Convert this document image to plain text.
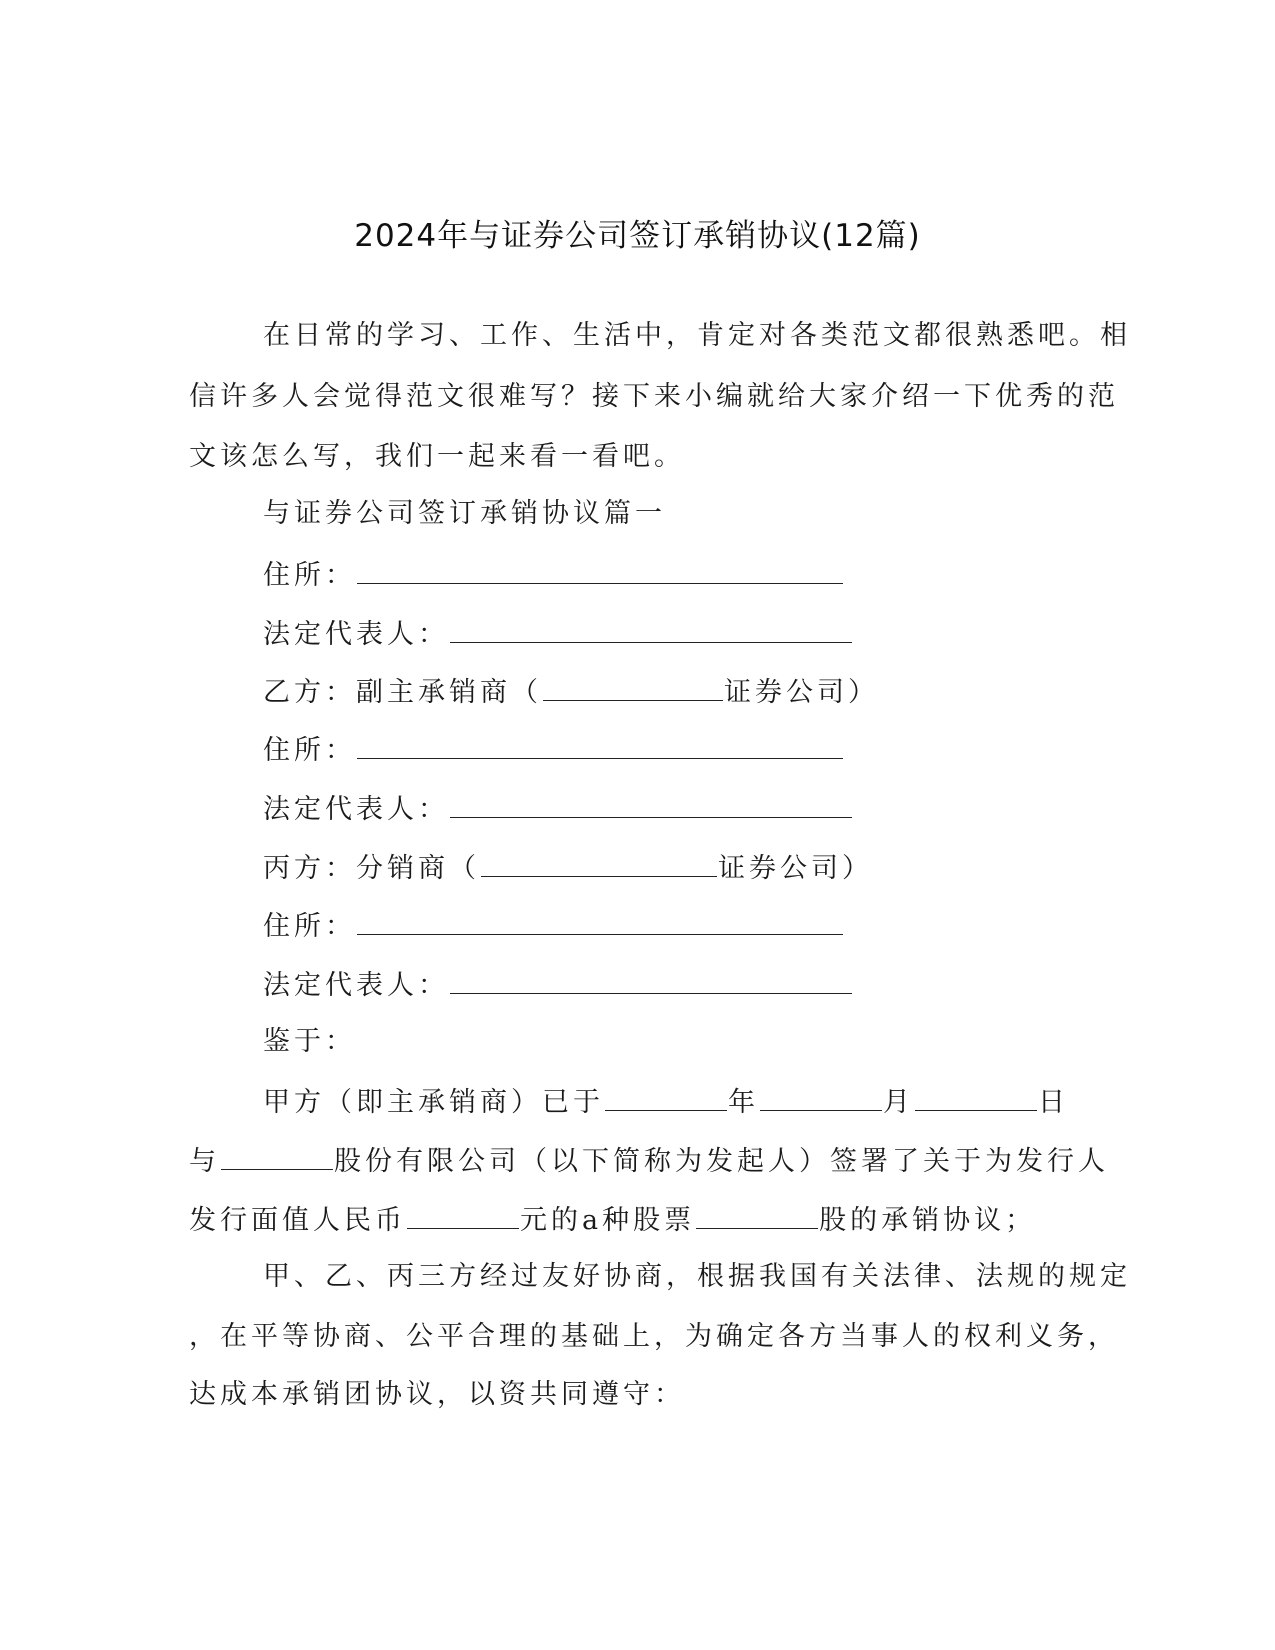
2024年与证券公司签订承销协议(12篇)
在日常的学习、工作、生活中，肯定对各类范文都很熟悉吧。相
信许多人会觉得范文很难写？接下来小编就给大家介绍一下优秀的范
文该怎么写，我们一起来看一看吧。
与证券公司签订承销协议篇一
住所：
法定代表人：
乙方：副主承销商（	证券公司）
住所：
法定代表人：
丙方：分销商（	证券公司）
住所：
法定代表人：
鉴于：
甲方（即主承销商）已于	年	月	日
与	股份有限公司（以下简称为发起人）签署了关于为发行人
发行面值人民币	元的a种股票	股的承销协议；
甲、乙、丙三方经过友好协商，根据我国有关法律、法规的规定
，在平等协商、公平合理的基础上，为确定各方当事人的权利义务，
达成本承销团协议，以资共同遵守：
